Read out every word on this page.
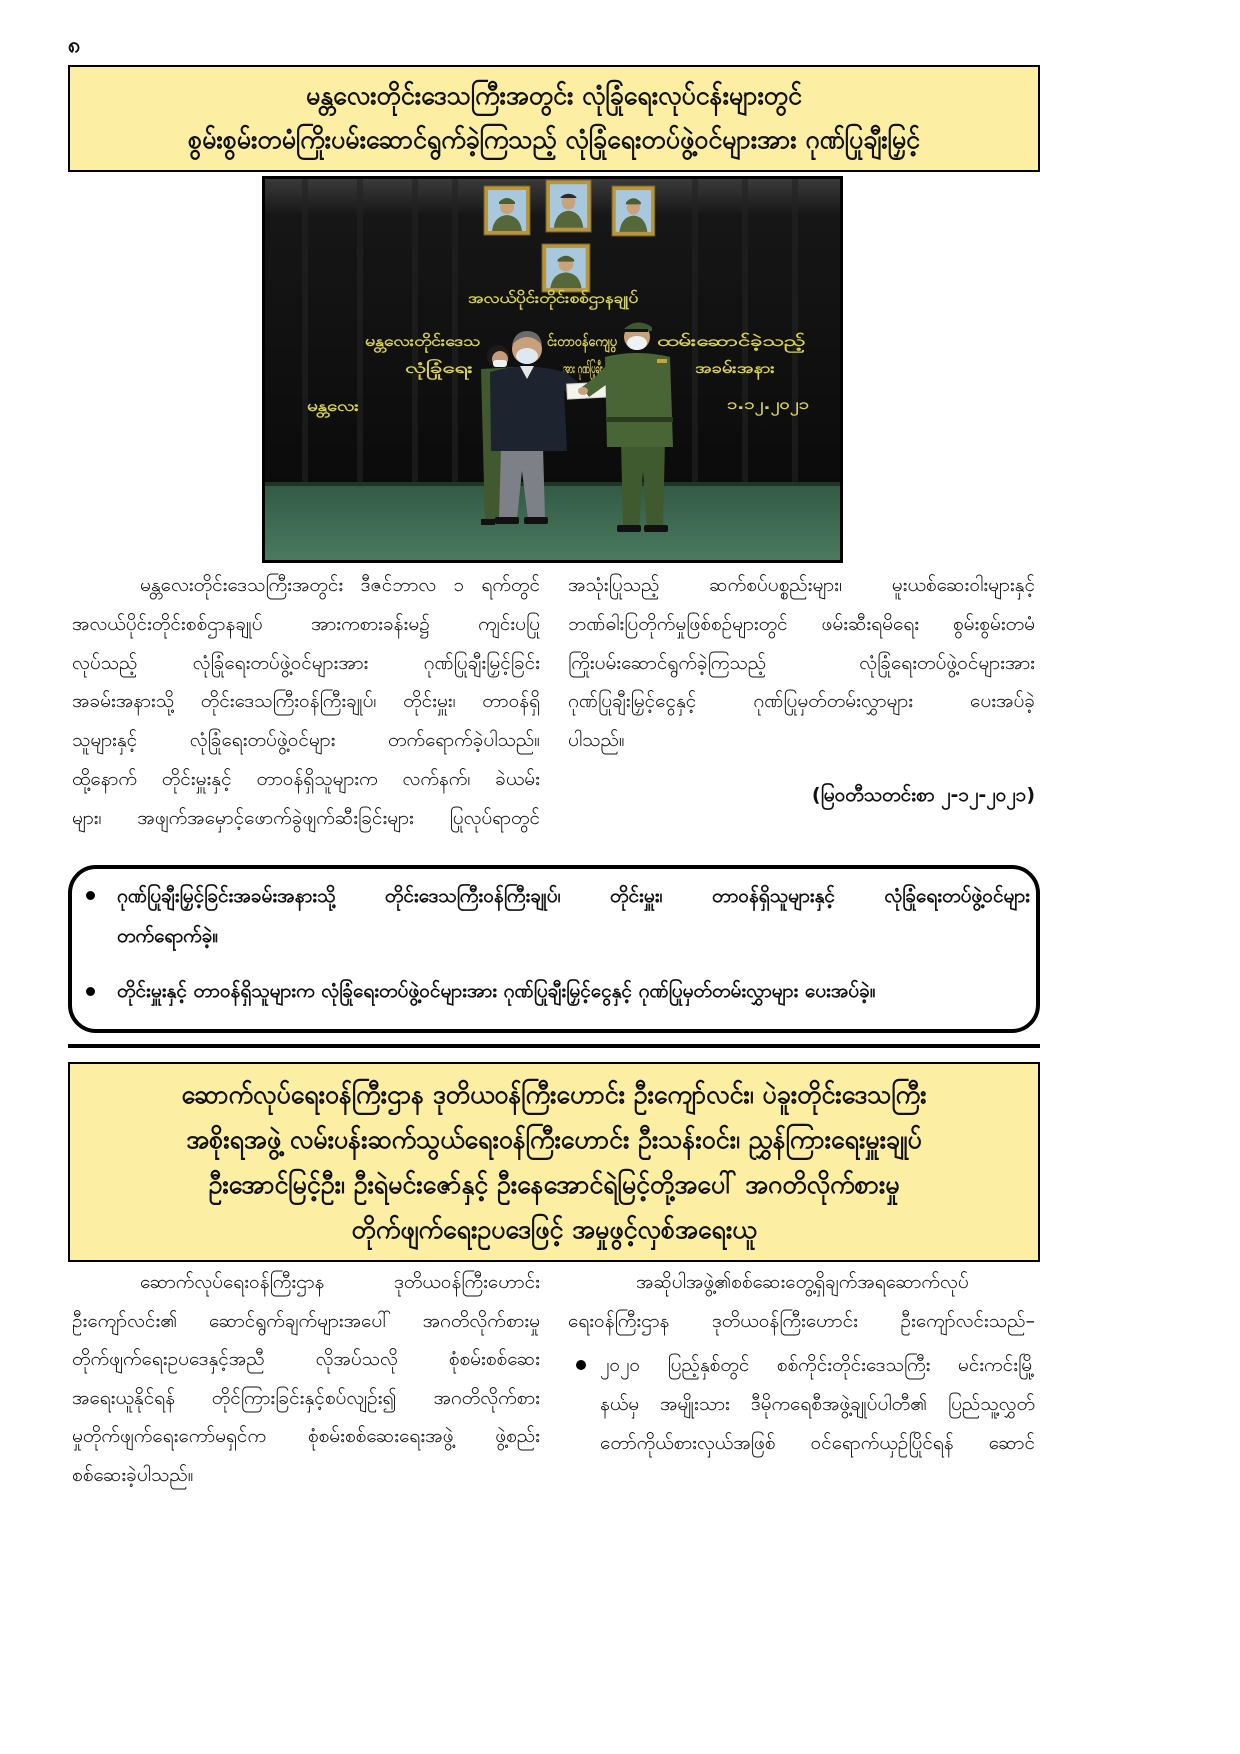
၈
မန္တလေးတိုင်းဒေသကြီးအတွင်း လုံခြုံရေးလုပ်ငန်းများတွင်
စွမ်းစွမ်းတမံကြိုးပမ်းဆောင်ရွက်ခဲ့ကြသည့် လုံခြုံရေးတပ်ဖွဲ့ဝင်များအား ဂုဏ်ပြုချီးမြှင့်
အလယ်ပိုင်းတိုင်းစစ်ဌာနချုပ်
မန္တလေးတိုင်းဒေသ	င်းတာဝန်ကျေပွ ထမ်းဆောင်ခဲ့သည့်
လုံခြုံရေး	အား ဂုဏ်ပြုချီး	အခမ်းအနား
မန္တလေး	၁.၁၂.၂၀၂၁
မန္တလေးတိုင်းဒေသကြီးအတွင်း ဒီဇင်ဘာလ ၁ ရက်တွင်
အလယ်ပိုင်းတိုင်းစစ်ဌာနချုပ် အားကစားခန်းမ၌ ကျင်းပပြု
လုပ်သည့် လုံခြုံရေးတပ်ဖွဲ့ဝင်များအား ဂုဏ်ပြုချီးမြှင့်ခြင်း
အခမ်းအနားသို့ တိုင်းဒေသကြီးဝန်ကြီးချုပ်၊ တိုင်းမှူး၊ တာဝန်ရှိ
သူများနှင့် လုံခြုံရေးတပ်ဖွဲ့ဝင်များ တက်ရောက်ခဲ့ပါသည်။
ထို့နောက် တိုင်းမှူးနှင့် တာဝန်ရှိသူများက လက်နက်၊ ခဲယမ်း
များ၊ အဖျက်အမှောင့်ဖောက်ခွဲဖျက်ဆီးခြင်းများ ပြုလုပ်ရာတွင်
အသုံးပြုသည့် ဆက်စပ်ပစ္စည်းများ၊ မူးယစ်ဆေးဝါးများနှင့်
ဘဏ်ဓါးပြတိုက်မှုဖြစ်စဉ်များတွင် ဖမ်းဆီးရမိရေး စွမ်းစွမ်းတမံ
ကြိုးပမ်းဆောင်ရွက်ခဲ့ကြသည့် လုံခြုံရေးတပ်ဖွဲ့ဝင်များအား
ဂုဏ်ပြုချီးမြှင့်ငွေနှင့် ဂုဏ်ပြုမှတ်တမ်းလွှာများ ပေးအပ်ခဲ့
ပါသည်။
(မြဝတီသတင်းစာ ၂-၁၂-၂၀၂၁)
ဂုဏ်ပြုချီးမြှင့်ခြင်းအခမ်းအနားသို့ တိုင်းဒေသကြီးဝန်ကြီးချုပ်၊ တိုင်းမှူး၊ တာဝန်ရှိသူများနှင့် လုံခြုံရေးတပ်ဖွဲ့ဝင်များ
တက်ရောက်ခဲ့။
တိုင်းမှူးနှင့် တာဝန်ရှိသူများက လုံခြုံရေးတပ်ဖွဲ့ဝင်များအား ဂုဏ်ပြုချီးမြှင့်ငွေနှင့် ဂုဏ်ပြုမှတ်တမ်းလွှာများ ပေးအပ်ခဲ့။
ဆောက်လုပ်ရေးဝန်ကြီးဌာန ဒုတိယဝန်ကြီးဟောင်း ဦးကျော်လင်း၊ ပဲခူးတိုင်းဒေသကြီး
အစိုးရအဖွဲ့ လမ်းပန်းဆက်သွယ်ရေးဝန်ကြီးဟောင်း ဦးသန်းဝင်း၊ ညွှန်ကြားရေးမှူးချုပ်
ဦးအောင်မြင့်ဦး၊ ဦးရဲမင်းဇော်နှင့် ဦးနေအောင်ရဲမြင့်တို့အပေါ် အဂတိလိုက်စားမှု
တိုက်ဖျက်ရေးဥပဒေဖြင့် အမှုဖွင့်လှစ်အရေးယူ
ဆောက်လုပ်ရေးဝန်ကြီးဌာန ဒုတိယဝန်ကြီးဟောင်း
ဦးကျော်လင်း၏ ဆောင်ရွက်ချက်များအပေါ် အဂတိလိုက်စားမှု
တိုက်ဖျက်ရေးဥပဒေနှင့်အညီ လိုအပ်သလို စုံစမ်းစစ်ဆေး
အရေးယူနိုင်ရန် တိုင်ကြားခြင်းနှင့်စပ်လျဉ်း၍ အဂတိလိုက်စား
မှုတိုက်ဖျက်ရေးကော်မရှင်က စုံစမ်းစစ်ဆေးရေးအဖွဲ့ ဖွဲ့စည်း
စစ်ဆေးခဲ့ပါသည်။
အဆိုပါအဖွဲ့၏စစ်ဆေးတွေ့ရှိချက်အရဆောက်လုပ်
ရေးဝန်ကြီးဌာန ဒုတိယဝန်ကြီးဟောင်း ဦးကျော်လင်းသည်–
၂၀၂၀ ပြည့်နှစ်တွင် စစ်ကိုင်းတိုင်းဒေသကြီး မင်းကင်းမြို့
နယ်မှ အမျိုးသား ဒီမိုကရေစီအဖွဲ့ချုပ်ပါတီ၏ ပြည်သူ့လွှတ်
တော်ကိုယ်စားလှယ်အဖြစ် ဝင်ရောက်ယှဉ်ပြိုင်ရန် ဆောင်
